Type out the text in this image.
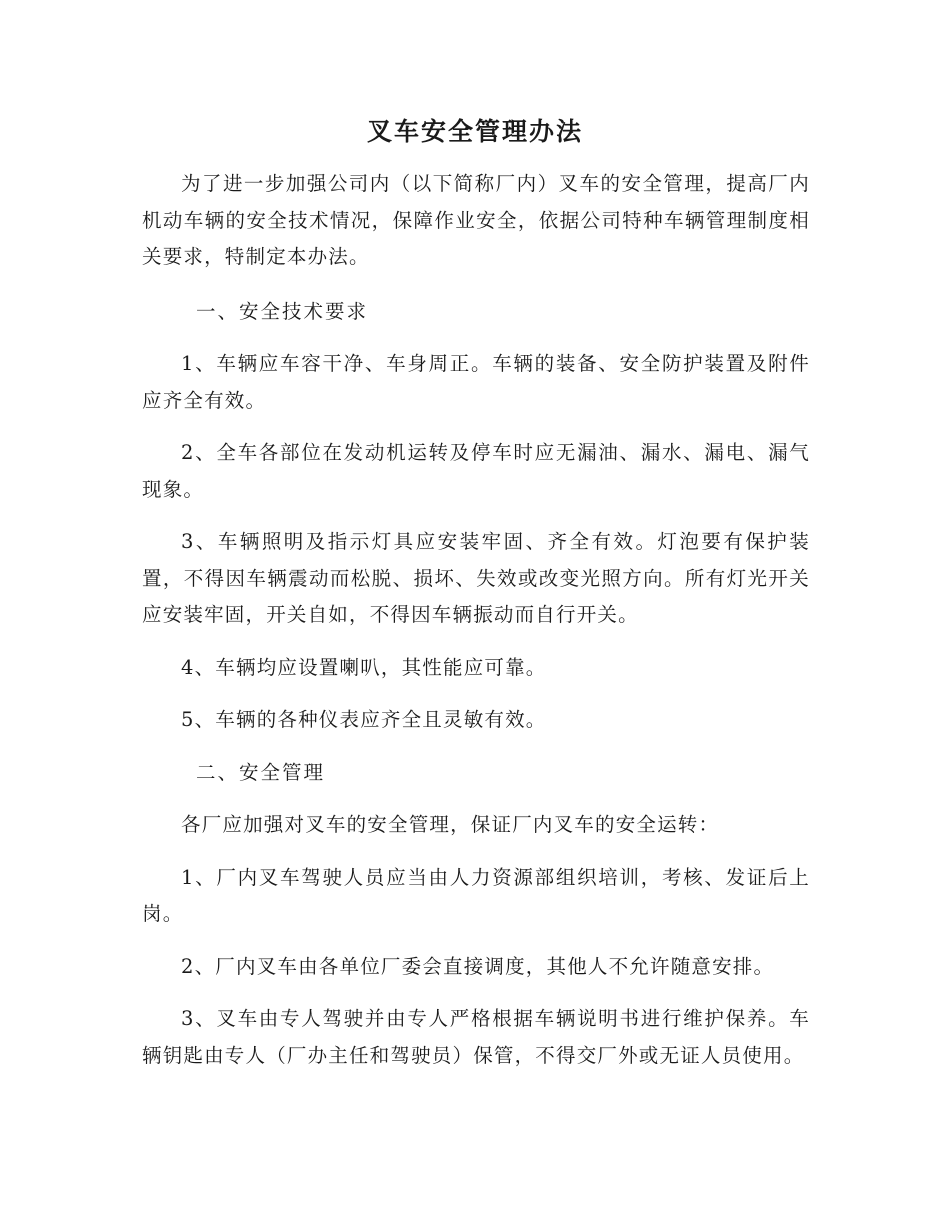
叉车安全管理办法

为了进一步加强公司内（以下简称厂内）叉车的安全管理，提高厂内机动车辆的安全技术情况，保障作业安全，依据公司特种车辆管理制度相关要求，特制定本办法。

一、安全技术要求

1、车辆应车容干净、车身周正。车辆的装备、安全防护装置及附件应齐全有效。

2、全车各部位在发动机运转及停车时应无漏油、漏水、漏电、漏气现象。

3、车辆照明及指示灯具应安装牢固、齐全有效。灯泡要有保护装置，不得因车辆震动而松脱、损坏、失效或改变光照方向。所有灯光开关应安装牢固，开关自如，不得因车辆振动而自行开关。

4、车辆均应设置喇叭，其性能应可靠。

5、车辆的各种仪表应齐全且灵敏有效。

二、安全管理

各厂应加强对叉车的安全管理，保证厂内叉车的安全运转：

1、厂内叉车驾驶人员应当由人力资源部组织培训，考核、发证后上岗。

2、厂内叉车由各单位厂委会直接调度，其他人不允许随意安排。

3、叉车由专人驾驶并由专人严格根据车辆说明书进行维护保养。车辆钥匙由专人（厂办主任和驾驶员）保管，不得交厂外或无证人员使用。
